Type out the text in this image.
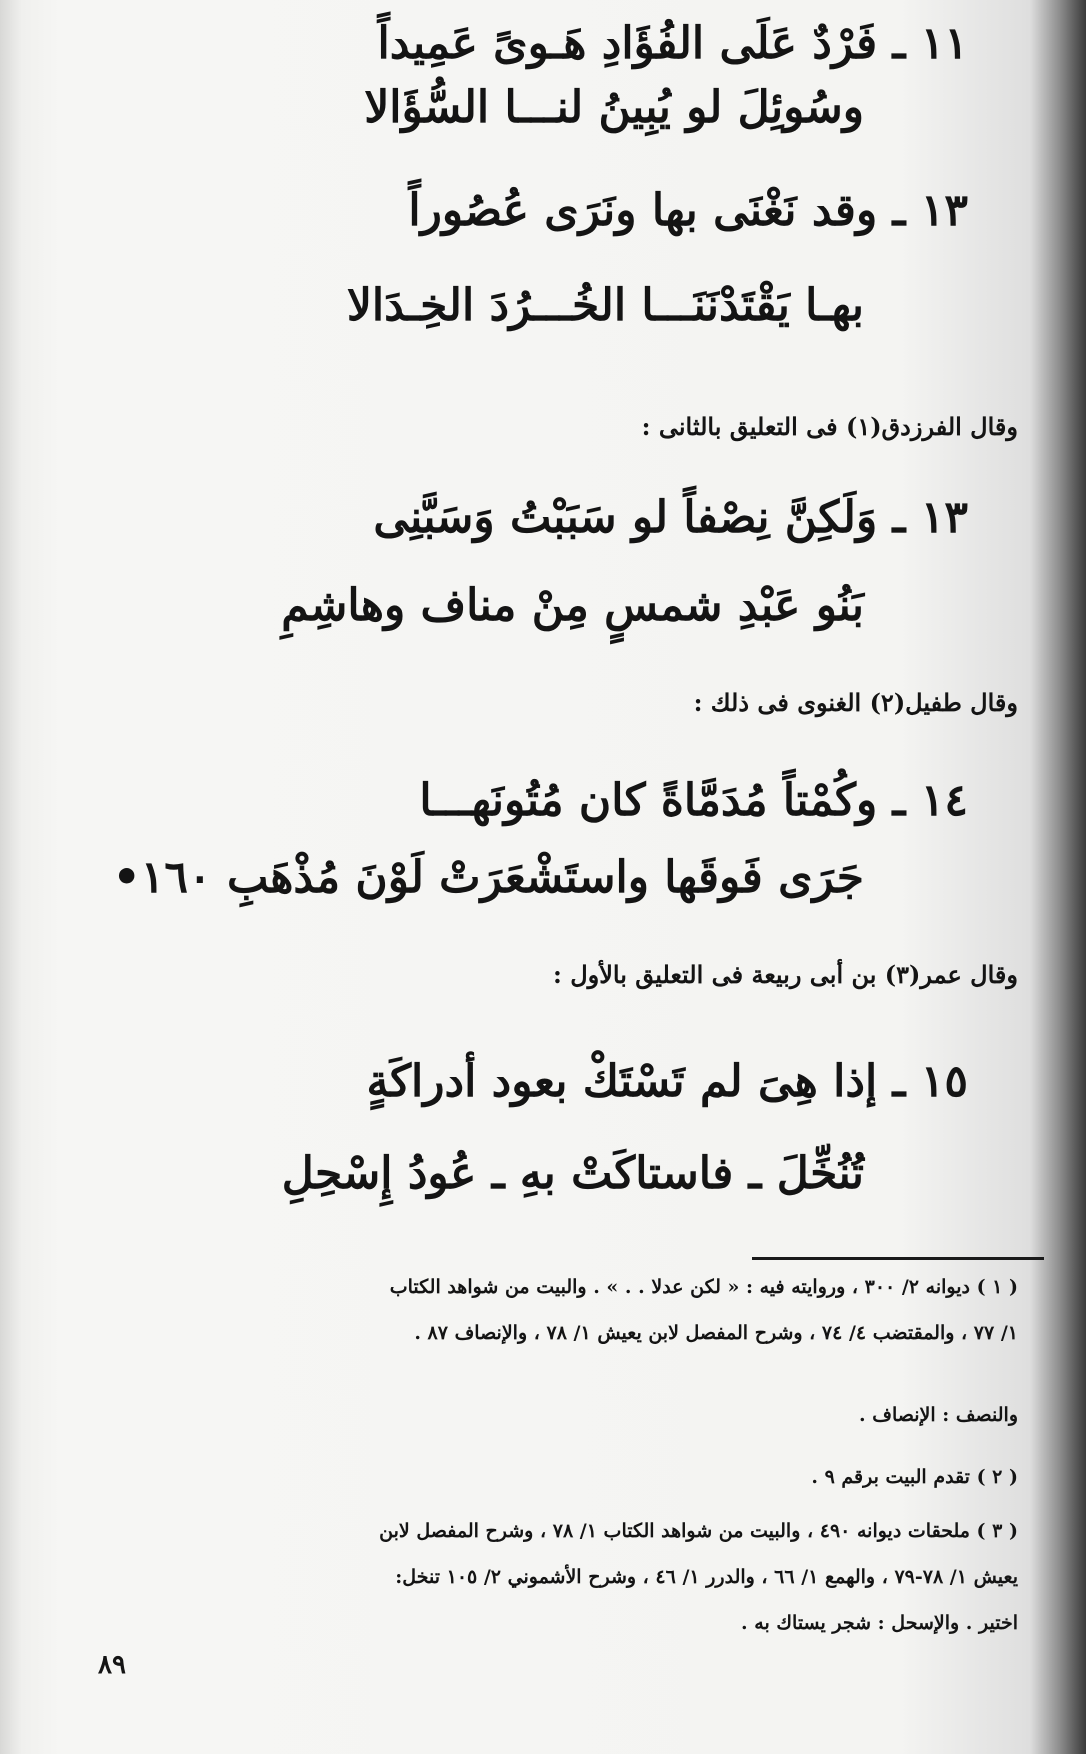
١١ ـ فَرْدٌ عَلَى الفُؤَادِ هَـوىً عَمِيداً
وسُوئِلَ لو يُبِينُ لنـــا السُّؤَالا
١٣ ـ وقد نَغْنَى بها ونَرَى عُصُوراً
بهـا يَقْتَدْنَنَـــا الخُـــرُدَ الخِـدَالا
وقال الفرزدق(١) فى التعليق بالثانى :
١٣ ـ وَلَكِنَّ نِصْفاً لو سَبَبْتُ وَسَبَّنِى
بَنُو عَبْدِ شمسٍ مِنْ مناف وهاشِمِ
وقال طفيل(٢) الغنوى فى ذلك :
١٤ ـ وكُمْتاً مُدَمَّاةً كان مُتُونَهـــا
جَرَى فَوقَها واستَشْعَرَتْ لَوْنَ مُذْهَبِ ١٦٠•
وقال عمر(٣) بن أبى ربيعة فى التعليق بالأول :
١٥ ـ إذا هِىَ لم تَسْتَكْ بعود أدراكَةٍ
تُنُخِّلَ ـ فاستاكَتْ بهِ ـ عُودُ إِسْحِلِ
( ١ ) ديوانه ٢/ ٣٠٠ ، وروايته فيه : « لكن عدلا . . » . والبيت من شواهد الكتاب
١/ ٧٧ ، والمقتضب ٤/ ٧٤ ، وشرح المفصل لابن يعيش ١/ ٧٨ ، والإنصاف ٨٧ .
والنصف : الإنصاف .
( ٢ ) تقدم البيت برقم ٩ .
( ٣ ) ملحقات ديوانه ٤٩٠ ، والبيت من شواهد الكتاب ١/ ٧٨ ، وشرح المفصل لابن
يعيش ١/ ٧٨-٧٩ ، والهمع ١/ ٦٦ ، والدرر ١/ ٤٦ ، وشرح الأشموني ٢/ ١٠٥ تنخل:
اختير . والإسحل : شجر يستاك به .
٨٩
